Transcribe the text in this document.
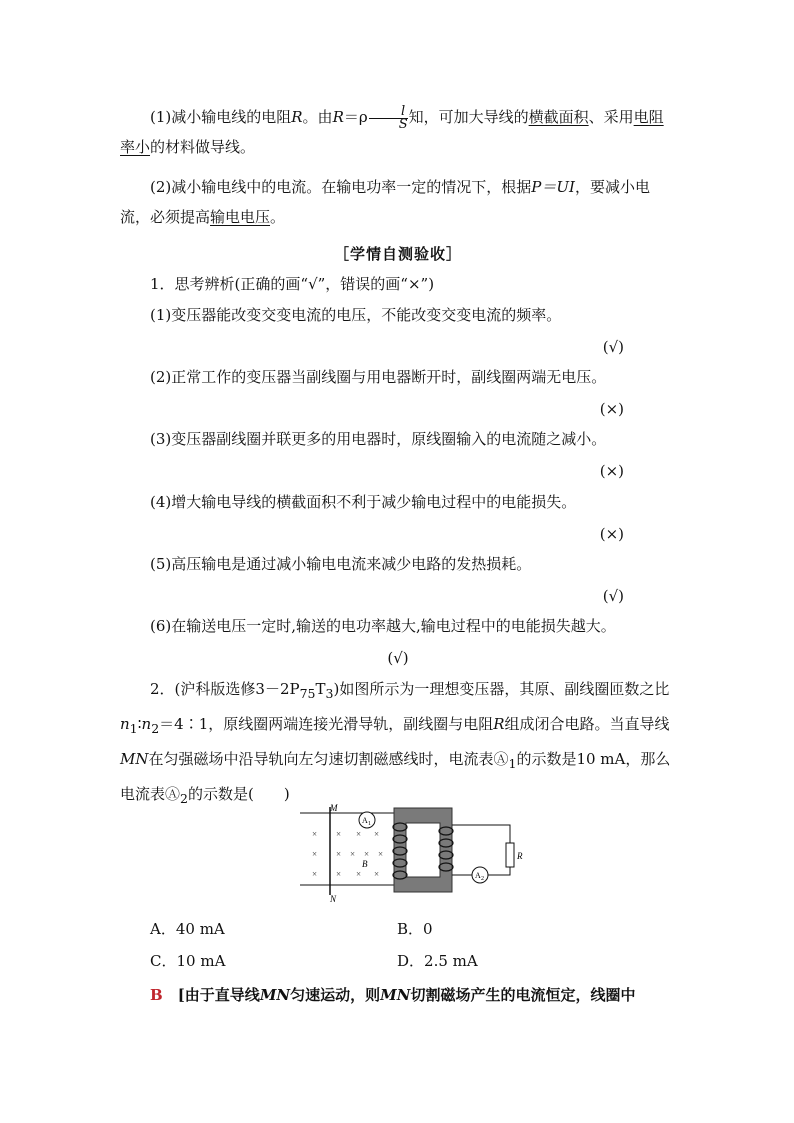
(1)减小输电线的电阻R。由$R=\rho \frac{l}{S}$ 知，可加大导线的横截面积、采用电阻率小的材料做导线。

(2)减小输电线中的电流。在输电功率一定的情况下，根据P＝UI，要减小电流，必须提高输电电压。

［学情自测验收］

1．思考辨析(正确的画“√”，错误的画“×”)

(1)变压器能改变交变电流的电压，不能改变交变电流的频率。

(√)

(2)正常工作的变压器当副线圈与用电器断开时，副线圈两端无电压。

(×)

(3)变压器副线圈并联更多的用电器时，原线圈输入的电流随之减小。

(×)

(4)增大输电导线的横截面积不利于减少输电过程中的电能损失。

(×)

(5)高压输电是通过减小输电电流来减少电路的发热损耗。

(√)

(6)在输送电压一定时,输送的电功率越大,输电过程中的电能损失越大。

(√)

2．(沪科版选修$3-2P_{75}T_3$)如图所示为一理想变压器，其原、副线圈匝数之比$n_1∶n_2=4∶1$，原线圈两端连接光滑导轨，副线圈与电阻R组成闭合电路。当直导线MN在匀强磁场中沿导轨向左匀速切割磁感线时，电流表$Ⓐ_1$的示数是10 mA，那么电流表$Ⓐ_2$的示数是(　　)

M
N
× × × ×
× × × × ×
× × × ×
B
A 1
R
A 2
A．40 mA	B．0
C．10 mA	D．2.5 mA

B　 [由于直导线MN匀速运动，则MN切割磁场产生的电流恒定，线圈中
